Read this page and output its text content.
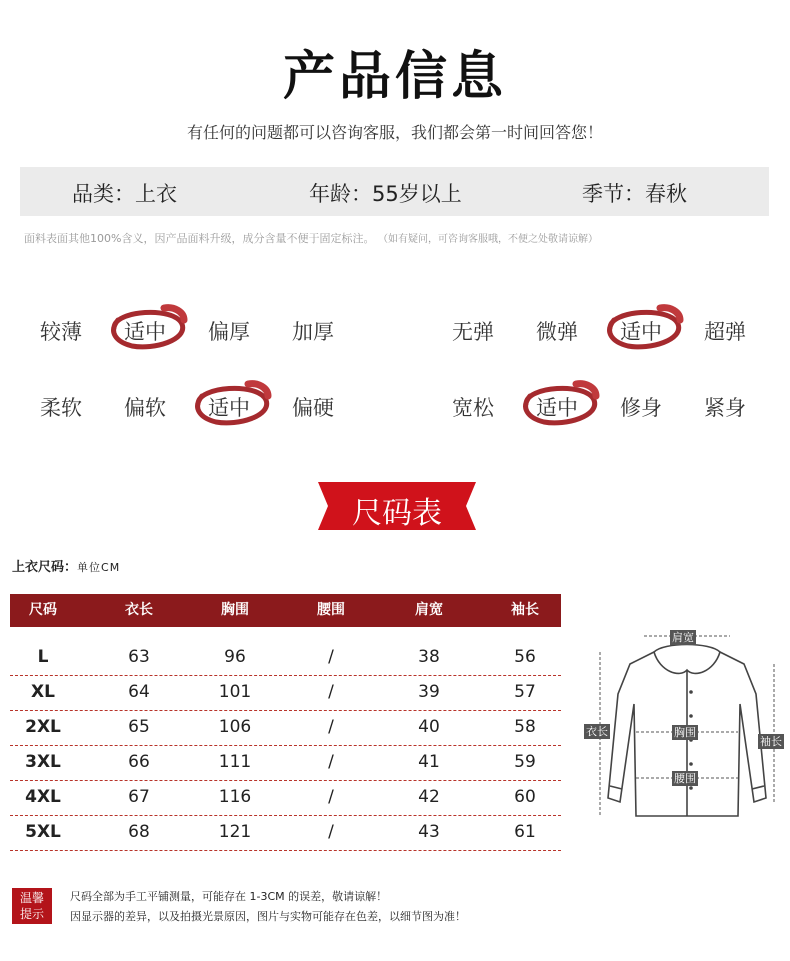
产品信息
有任何的问题都可以咨询客服，我们都会第一时间回答您！
品类：上衣	年龄：55岁以上	季节：春秋
面料表面其他100%含义，因产品面料升级，成分含量不便于固定标注。 （如有疑问，可咨询客服哦，不便之处敬请谅解）
较薄 适中 偏厚 加厚	无弹 微弹 适中 超弹
柔软 偏软 适中 偏硬	宽松 适中 修身 紧身
尺码表
上衣尺码：单位CM
尺码	衣长	胸围	腰围	肩宽	袖长
L	63	96	/	38	56
XL	64	101	/	39	57
2XL	65	106	/	40	58
3XL	66	111	/	41	59
4XL	67	116	/	42	60
5XL	68	121	/	43	61
肩宽
胸围
腰围
衣长
袖长
温馨
提示
尺码全部为手工平铺测量，可能存在 1-3CM 的误差，敬请谅解！
因显示器的差异，以及拍摄光景原因，图片与实物可能存在色差，以细节图为准！
